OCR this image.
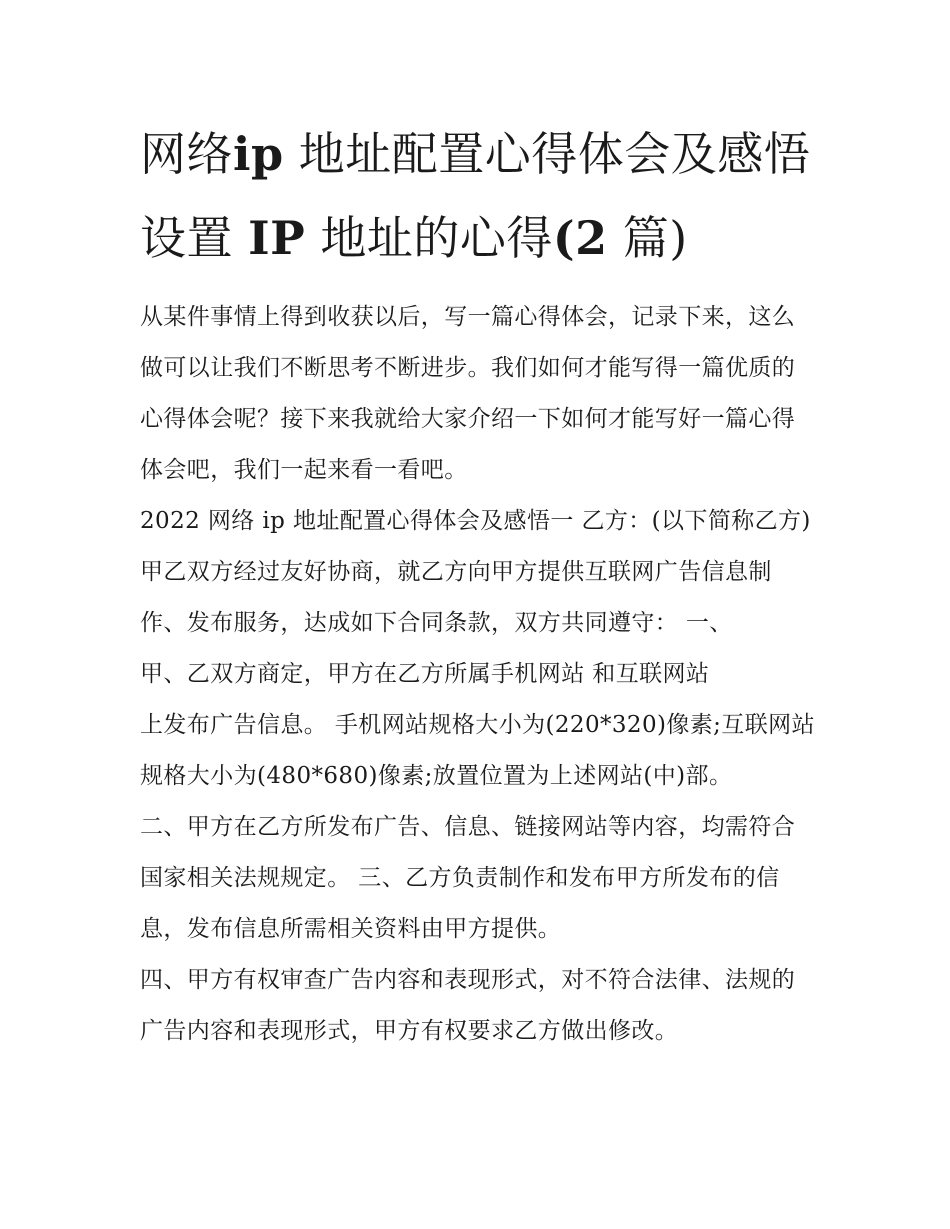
网络ip 地址配置心得体会及感悟 设置 IP 地址的心得(2 篇)

从某件事情上得到收获以后，写一篇心得体会，记录下来，这么做可以让我们不断思考不断进步。我们如何才能写得一篇优质的心得体会呢？接下来我就给大家介绍一下如何才能写好一篇心得体会吧，我们一起来看一看吧。

2022 网络 ip 地址配置心得体会及感悟一 乙方：(以下简称乙方)

甲乙双方经过友好协商，就乙方向甲方提供互联网广告信息制作、发布服务，达成如下合同条款，双方共同遵守： 一、

甲、乙双方商定，甲方在乙方所属手机网站 和互联网站

上发布广告信息。 手机网站规格大小为(220*320)像素;互联网站规格大小为(480*680)像素;放置位置为上述网站(中)部。

二、甲方在乙方所发布广告、信息、链接网站等内容，均需符合国家相关法规规定。 三、乙方负责制作和发布甲方所发布的信息，发布信息所需相关资料由甲方提供。

四、甲方有权审查广告内容和表现形式，对不符合法律、法规的广告内容和表现形式，甲方有权要求乙方做出修改。
